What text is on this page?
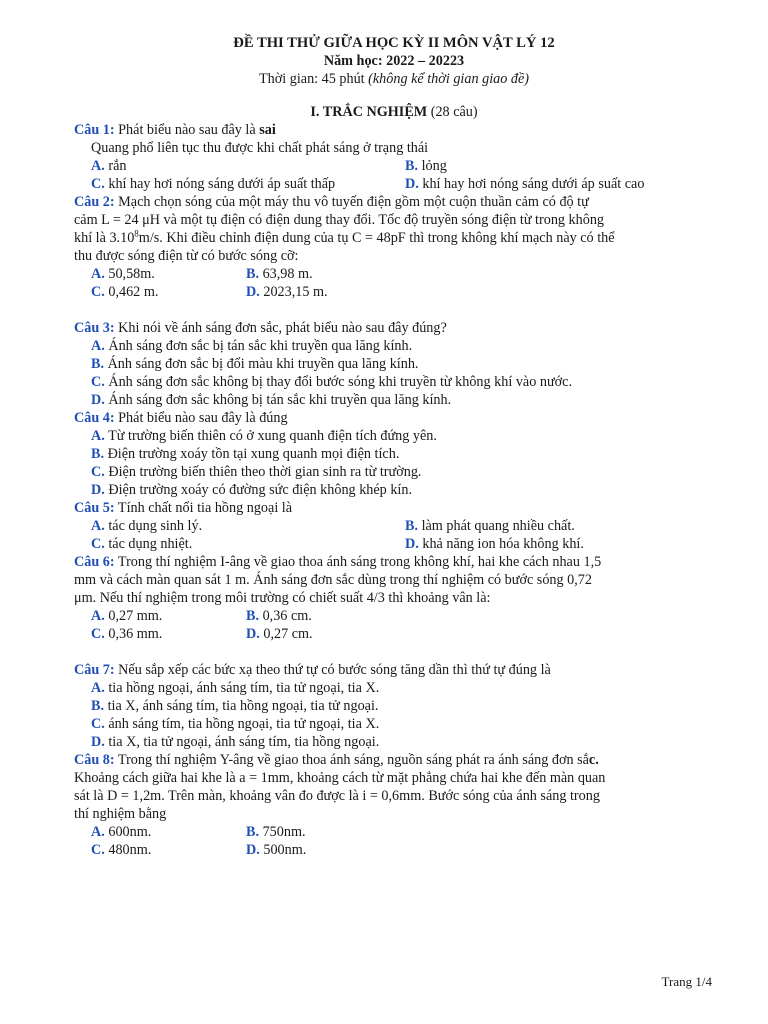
ĐỀ THI THỬ GIỮA HỌC KỲ II MÔN VẬT LÝ 12
Năm học: 2022 – 20223
Thời gian: 45 phút (không kể thời gian giao đề)
I. TRẮC NGHIỆM (28 câu)

Câu 1: Phát biểu nào sau đây là sai

Quang phổ liên tục thu được khi chất phát sáng ở trạng thái
A. rắn	B. lỏng
C. khí hay hơi nóng sáng dưới áp suất thấp	D. khí hay hơi nóng sáng dưới áp suất cao
Câu 2: Mạch chọn sóng của một máy thu vô tuyến điện gồm một cuộn thuần cảm có độ tự
cảm L = 24 μH và một tụ điện có điện dung thay đổi. Tốc độ truyền sóng điện từ trong không
khí là 3.10$^8$m/s. Khi điều chỉnh điện dung của tụ C = 48pF thì trong không khí mạch này có thể
thu được sóng điện từ có bước sóng cỡ:
A. 50,58m.	B. 63,98 m.
C. 0,462 m.	D. 2023,15 m.
Câu 3: Khi nói về ánh sáng đơn sắc, phát biểu nào sau đây đúng?
A. Ánh sáng đơn sắc bị tán sắc khi truyền qua lăng kính.
B. Ánh sáng đơn sắc bị đổi màu khi truyền qua lăng kính.
C. Ánh sáng đơn sắc không bị thay đổi bước sóng khi truyền từ không khí vào nước.
D. Ánh sáng đơn sắc không bị tán sắc khi truyền qua lăng kính.
Câu 4: Phát biểu nào sau đây là đúng
A. Từ trường biến thiên có ở xung quanh điện tích đứng yên.
B. Điện trường xoáy tồn tại xung quanh mọi điện tích.
C. Điện trường biến thiên theo thời gian sinh ra từ trường.
D. Điện trường xoáy có đường sức điện không khép kín.
Câu 5: Tính chất nổi tia hồng ngoại là
A. tác dụng sinh lý.	B. làm phát quang nhiều chất.
C. tác dụng nhiệt.	D. khả năng ion hóa không khí.
Câu 6: Trong thí nghiệm I-âng về giao thoa ánh sáng trong không khí, hai khe cách nhau 1,5
mm và cách màn quan sát 1 m. Ánh sáng đơn sắc dùng trong thí nghiệm có bước sóng 0,72
μm. Nếu thí nghiệm trong môi trường có chiết suất 4/3 thì khoảng vân là:
A. 0,27 mm.	B. 0,36 cm.
C. 0,36 mm.	D. 0,27 cm.
Câu 7: Nếu sắp xếp các bức xạ theo thứ tự có bước sóng tăng dần thì thứ tự đúng là
A. tia hồng ngoại, ánh sáng tím, tia tử ngoại, tia X.
B. tia X, ánh sáng tím, tia hồng ngoại, tia tử ngoại.
C. ánh sáng tím, tia hồng ngoại, tia tử ngoại, tia X.
D. tia X, tia tử ngoại, ánh sáng tím, tia hồng ngoại.
Câu 8: Trong thí nghiệm Y-âng về giao thoa ánh sáng, nguồn sáng phát ra ánh sáng đơn sắc.
Khoảng cách giữa hai khe là a = 1mm, khoảng cách từ mặt phẳng chứa hai khe đến màn quan
sát là D = 1,2m. Trên màn, khoảng vân đo được là i = 0,6mm. Bước sóng của ánh sáng trong
thí nghiệm bằng
A. 600nm.	B. 750nm.
C. 480nm.	D. 500nm.
Trang 1/4
